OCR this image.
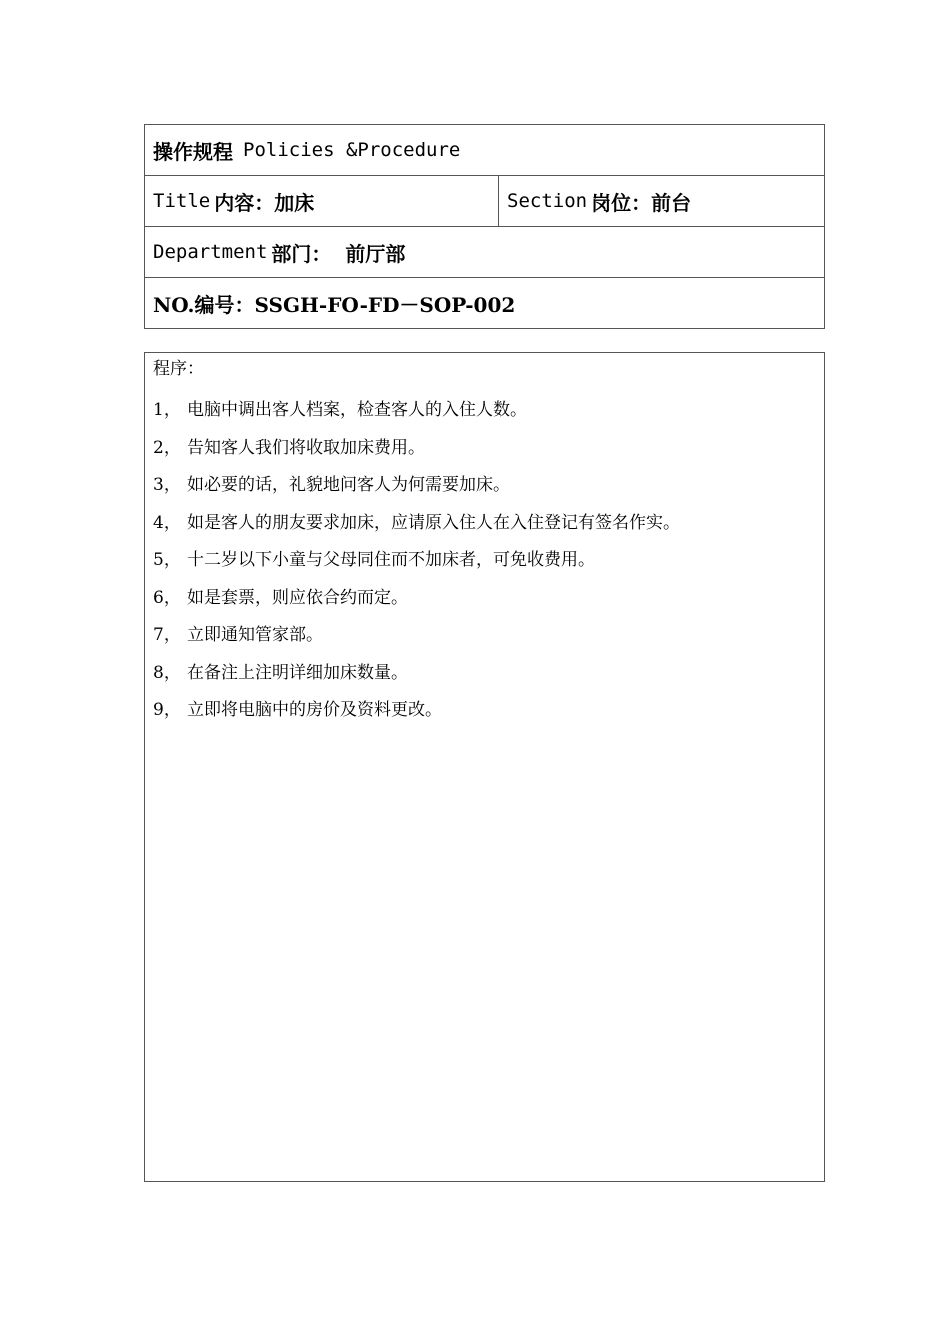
操作规程 Policies &Procedure
Title 内容： 加床	Section 岗位： 前台
Department 部门： 前厅部
NO.编号： SSGH-FO-FD－SOP-002
程序：
1， 电脑中调出客人档案，检查客人的入住人数。
2， 告知客人我们将收取加床费用。
3， 如必要的话，礼貌地问客人为何需要加床。
4， 如是客人的朋友要求加床，应请原入住人在入住登记有签名作实。
5， 十二岁以下小童与父母同住而不加床者，可免收费用。
6， 如是套票，则应依合约而定。
7， 立即通知管家部。
8， 在备注上注明详细加床数量。
9， 立即将电脑中的房价及资料更改。
